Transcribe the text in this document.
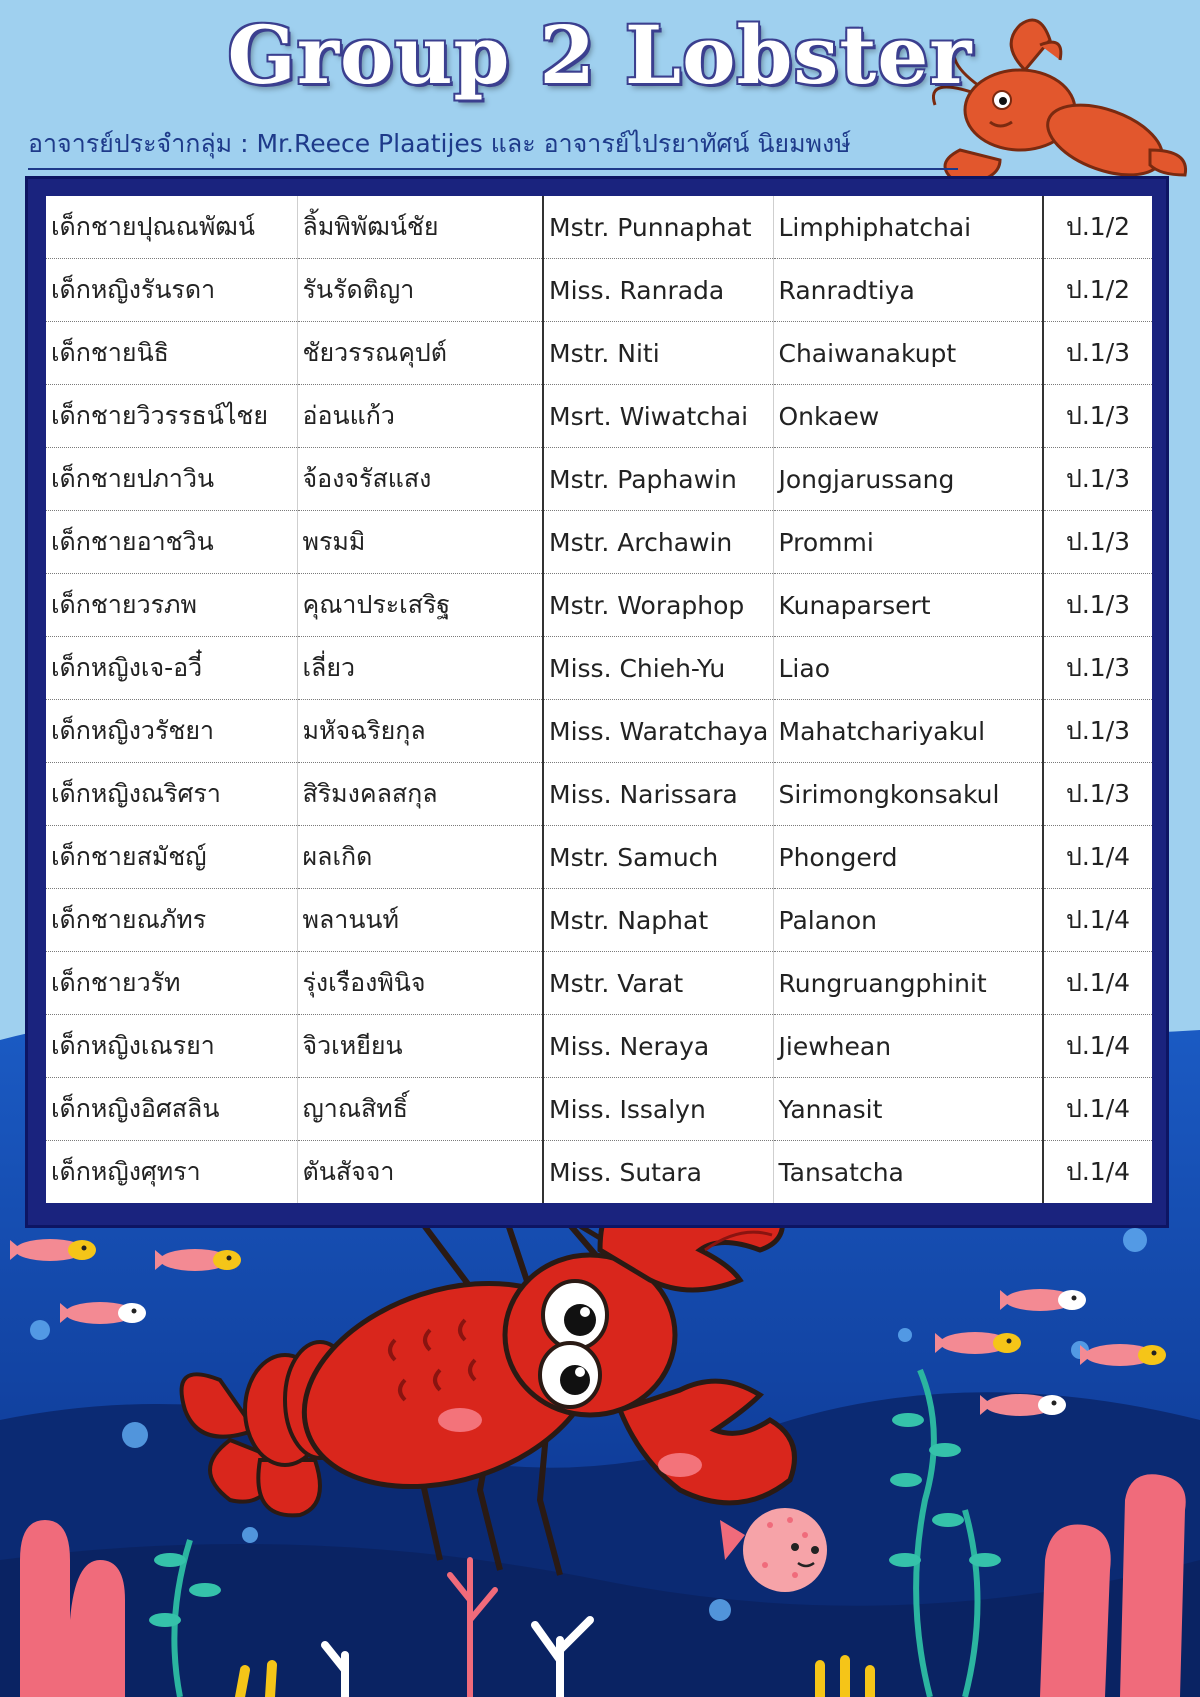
Group 2 Lobster
อาจารย์ประจำกลุ่ม : Mr.Reece Plaatijes และ อาจารย์ไปรยาทัศน์ นิยมพงษ์
เด็กชายปุณณพัฒน์	ลิ้มพิพัฒน์ชัย	Mstr. Punnaphat	Limphiphatchai	ป.1/2
เด็กหญิงรันรดา	รันรัดติญา	Miss. Ranrada	Ranradtiya	ป.1/2
เด็กชายนิธิ	ชัยวรรณคุปต์	Mstr. Niti	Chaiwanakupt	ป.1/3
เด็กชายวิวรรธน์ไชย	อ่อนแก้ว	Msrt. Wiwatchai	Onkaew	ป.1/3
เด็กชายปภาวิน	จ้องจรัสแสง	Mstr. Paphawin	Jongjarussang	ป.1/3
เด็กชายอาชวิน	พรมมิ	Mstr. Archawin	Prommi	ป.1/3
เด็กชายวรภพ	คุณาประเสริฐ	Mstr. Woraphop	Kunaparsert	ป.1/3
เด็กหญิงเจ-อวี๋	เลี่ยว	Miss. Chieh-Yu	Liao	ป.1/3
เด็กหญิงวรัชยา	มหัจฉริยกุล	Miss. Waratchaya	Mahatchariyakul	ป.1/3
เด็กหญิงณริศรา	สิริมงคลสกุล	Miss. Narissara	Sirimongkonsakul	ป.1/3
เด็กชายสมัชญ์	ผลเกิด	Mstr. Samuch	Phongerd	ป.1/4
เด็กชายณภัทร	พลานนท์	Mstr. Naphat	Palanon	ป.1/4
เด็กชายวรัท	รุ่งเรืองพินิจ	Mstr. Varat	Rungruangphinit	ป.1/4
เด็กหญิงเณรยา	จิวเหยียน	Miss. Neraya	Jiewhean	ป.1/4
เด็กหญิงอิศสลิน	ญาณสิทธิ์	Miss. Issalyn	Yannasit	ป.1/4
เด็กหญิงศุทรา	ตันสัจจา	Miss. Sutara	Tansatcha	ป.1/4
